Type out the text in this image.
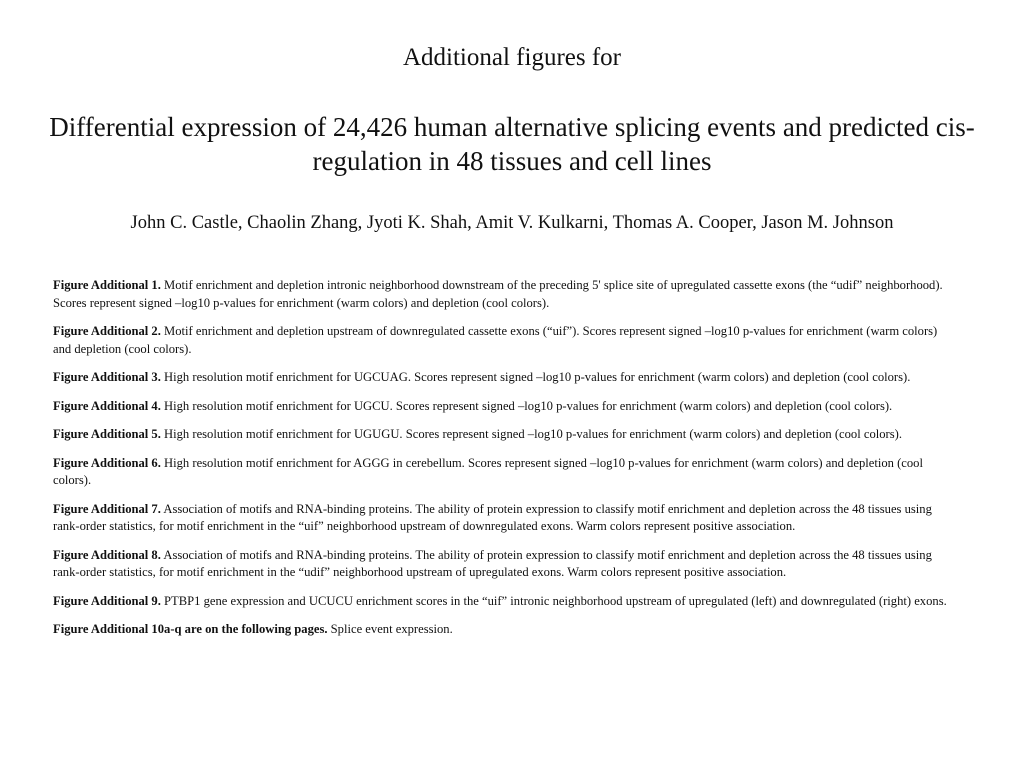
Additional figures for
Differential expression of 24,426 human alternative splicing events and predicted cis-regulation in 48 tissues and cell lines
John C. Castle, Chaolin Zhang, Jyoti K. Shah, Amit V. Kulkarni, Thomas A. Cooper, Jason M. Johnson
Figure Additional 1. Motif enrichment and depletion intronic neighborhood downstream of the preceding 5' splice site of upregulated cassette exons (the “udif” neighborhood). Scores represent signed –log10 p-values for enrichment (warm colors) and depletion (cool colors).
Figure Additional 2. Motif enrichment and depletion upstream of downregulated cassette exons (“uif”). Scores represent signed –log10 p-values for enrichment (warm colors) and depletion (cool colors).
Figure Additional 3. High resolution motif enrichment for UGCUAG. Scores represent signed –log10 p-values for enrichment (warm colors) and depletion (cool colors).
Figure Additional 4. High resolution motif enrichment for UGCU. Scores represent signed –log10 p-values for enrichment (warm colors) and depletion (cool colors).
Figure Additional 5. High resolution motif enrichment for UGUGU. Scores represent signed –log10 p-values for enrichment (warm colors) and depletion (cool colors).
Figure Additional 6. High resolution motif enrichment for AGGG in cerebellum. Scores represent signed –log10 p-values for enrichment (warm colors) and depletion (cool colors).
Figure Additional 7. Association of motifs and RNA-binding proteins. The ability of protein expression to classify motif enrichment and depletion across the 48 tissues using rank-order statistics, for motif enrichment in the “uif” neighborhood upstream of downregulated exons. Warm colors represent positive association.
Figure Additional 8. Association of motifs and RNA-binding proteins. The ability of protein expression to classify motif enrichment and depletion across the 48 tissues using rank-order statistics, for motif enrichment in the “udif” neighborhood upstream of upregulated exons. Warm colors represent positive association.
Figure Additional 9. PTBP1 gene expression and UCUCU enrichment scores in the “uif” intronic neighborhood upstream of upregulated (left) and downregulated (right) exons.
Figure Additional 10a-q are on the following pages. Splice event expression.
